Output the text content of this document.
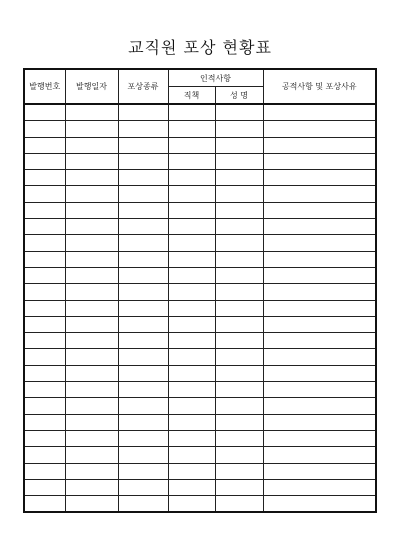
교직원 포상 현황표
발행번호	발행일자	포상종류	인적사항		공적사항 및 포상사유
			직책	성 명	
